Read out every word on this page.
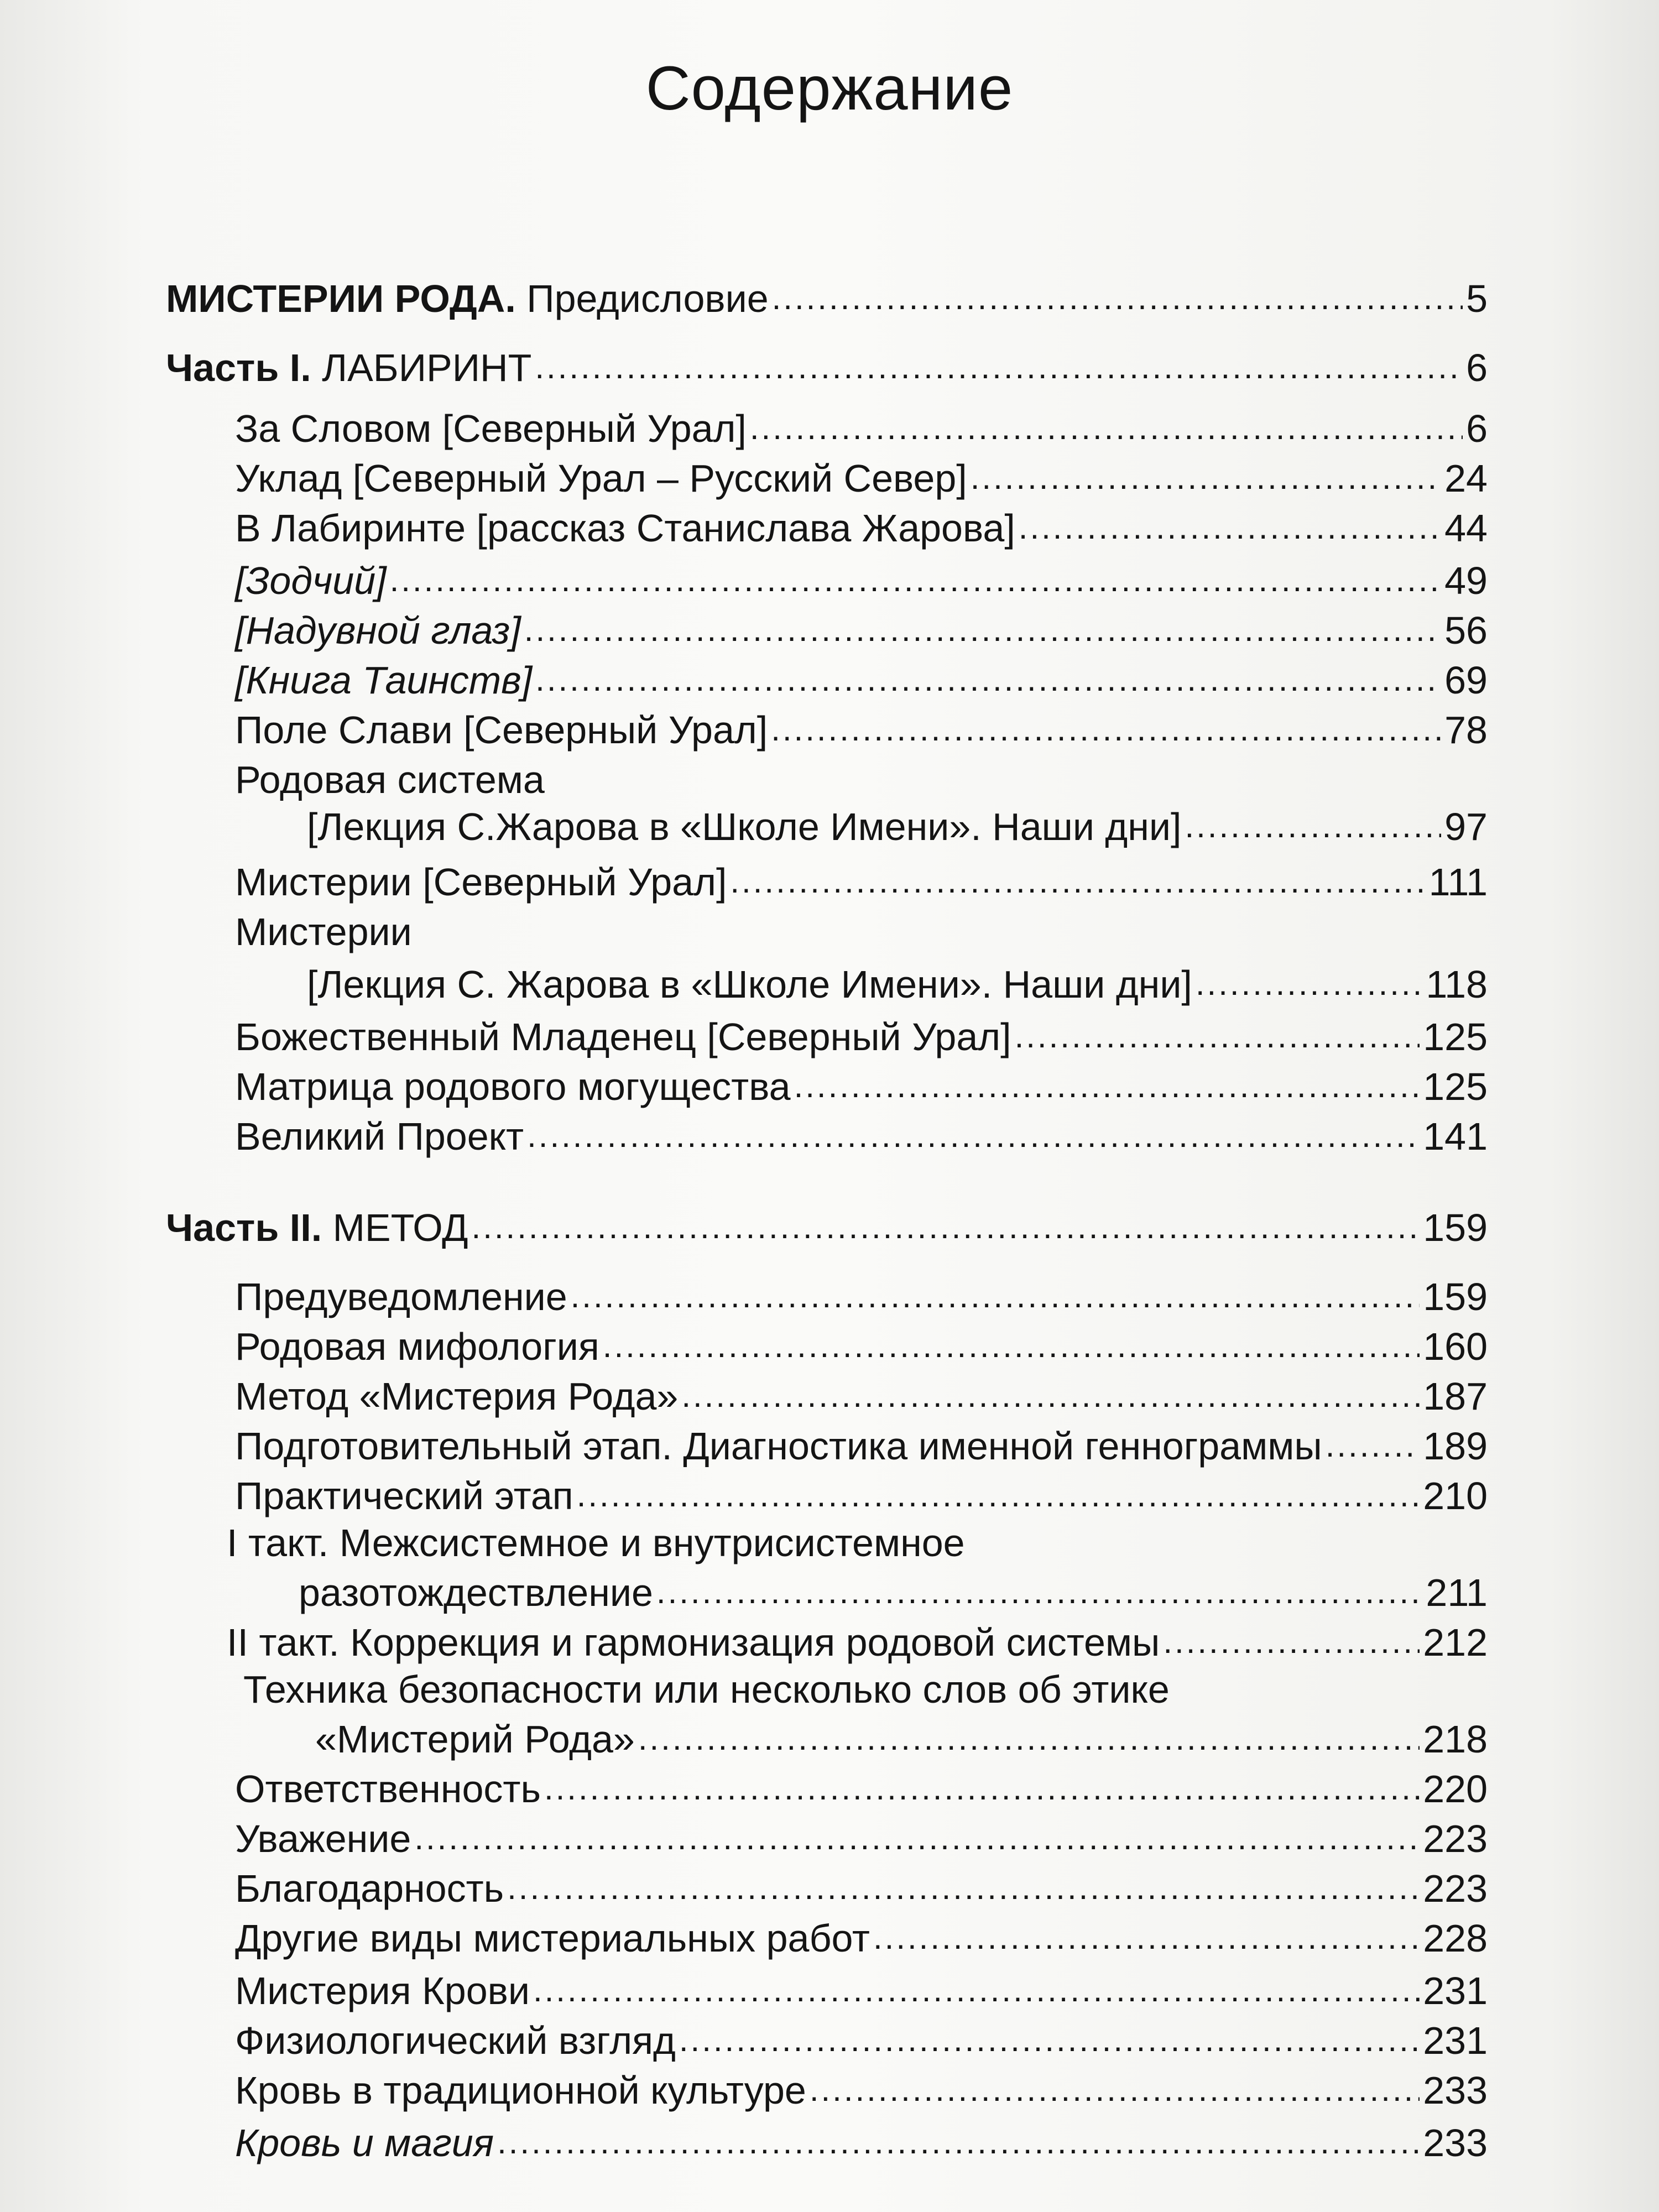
Содержание
МИСТЕРИИ РОДА. Предисловие .....	5
Часть I. ЛАБИРИНТ .....	6
За Словом [Северный Урал] .....	6
Уклад [Северный Урал – Русский Север] .....	24
В Лабиринте [рассказ Станислава Жарова] .....	44
[Зодчий] .....	49
[Надувной глаз] .....	56
[Книга Таинств] .....	69
Поле Слави [Северный Урал] .....	78
Родовая система
[Лекция С.Жарова в «Школе Имени». Наши дни] .....	97
Мистерии [Северный Урал] .....	111
Мистерии
[Лекция С. Жарова в «Школе Имени». Наши дни] .....	118
Божественный Младенец [Северный Урал] .....	125
Матрица родового могущества .....	125
Великий Проект .....	141
Часть II. МЕТОД .....	159
Предуведомление .....	159
Родовая мифология .....	160
Метод «Мистерия Рода» .....	187
Подготовительный этап. Диагностика именной геннограммы .....	189
Практический этап .....	210
I такт. Межсистемное и внутрисистемное
разотождествление .....	211
II такт. Коррекция и гармонизация родовой системы .....	212
Техника безопасности или несколько слов об этике
«Мистерий Рода» .....	218
Ответственность .....	220
Уважение .....	223
Благодарность .....	223
Другие виды мистериальных работ .....	228
Мистерия Крови .....	231
Физиологический взгляд .....	231
Кровь в традиционной культуре .....	233
Кровь и магия .....	233
